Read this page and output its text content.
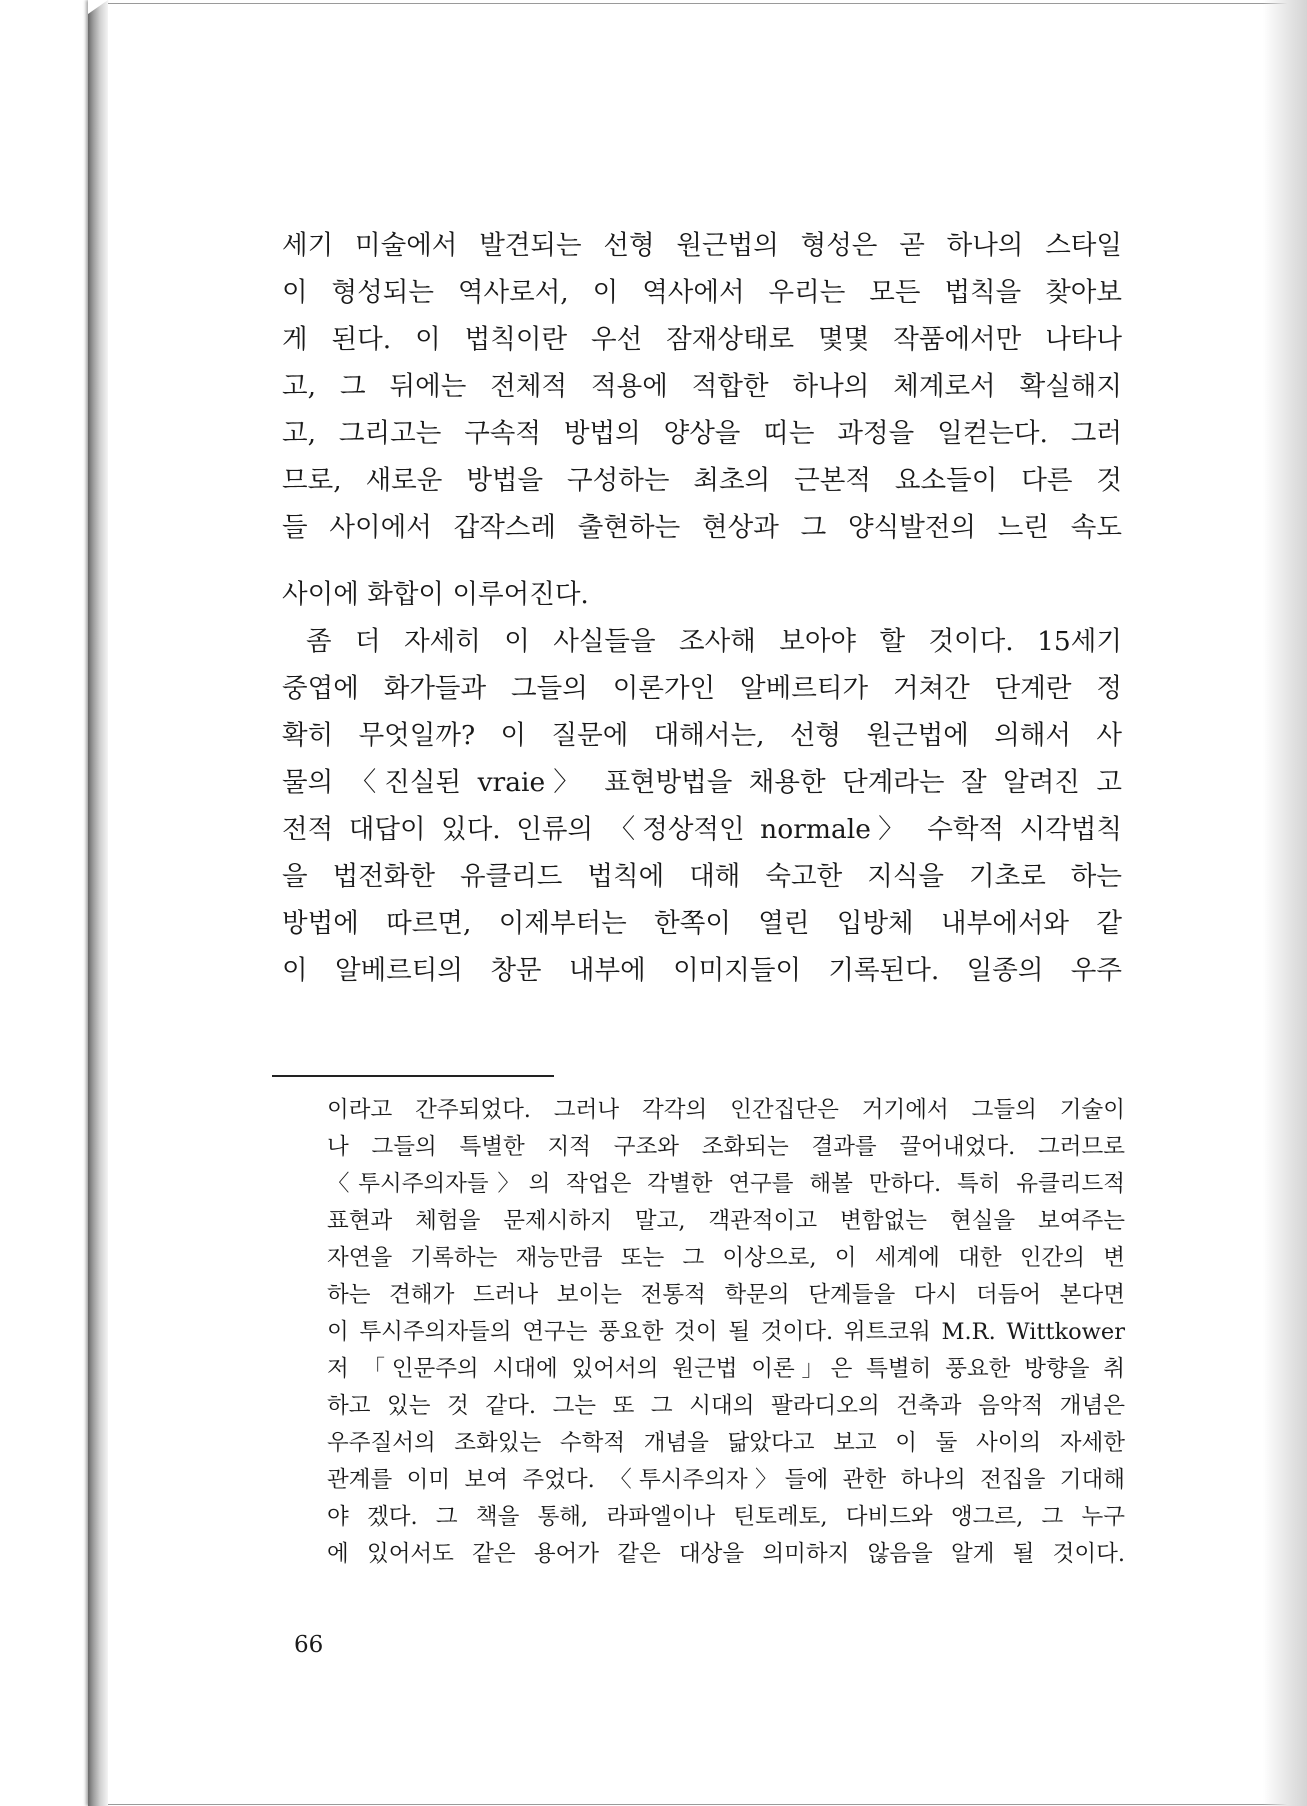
세기 미술에서 발견되는 선형 원근법의 형성은 곧 하나의 스타일

이 형성되는 역사로서, 이 역사에서 우리는 모든 법칙을 찾아보

게 된다. 이 법칙이란 우선 잠재상태로 몇몇 작품에서만 나타나

고, 그 뒤에는 전체적 적용에 적합한 하나의 체계로서 확실해지

고, 그리고는 구속적 방법의 양상을 띠는 과정을 일컫는다. 그러

므로, 새로운 방법을 구성하는 최초의 근본적 요소들이 다른 것

들 사이에서 갑작스레 출현하는 현상과 그 양식발전의 느린 속도

사이에 화합이 이루어진다.

좀 더 자세히 이 사실들을 조사해 보아야 할 것이다. 15세기

중엽에 화가들과 그들의 이론가인 알베르티가 거쳐간 단계란 정

확히 무엇일까? 이 질문에 대해서는, 선형 원근법에 의해서 사

물의 〈진실된 vraie〉 표현방법을 채용한 단계라는 잘 알려진 고

전적 대답이 있다. 인류의 〈정상적인 normale〉 수학적 시각법칙

을 법전화한 유클리드 법칙에 대해 숙고한 지식을 기초로 하는

방법에 따르면, 이제부터는 한쪽이 열린 입방체 내부에서와 같

이 알베르티의 창문 내부에 이미지들이 기록된다. 일종의 우주

이라고 간주되었다. 그러나 각각의 인간집단은 거기에서 그들의 기술이

나 그들의 특별한 지적 구조와 조화되는 결과를 끌어내었다. 그러므로

〈투시주의자들〉의 작업은 각별한 연구를 해볼 만하다. 특히 유클리드적

표현과 체험을 문제시하지 말고, 객관적이고 변함없는 현실을 보여주는

자연을 기록하는 재능만큼 또는 그 이상으로, 이 세계에 대한 인간의 변

하는 견해가 드러나 보이는 전통적 학문의 단계들을 다시 더듬어 본다면

이 투시주의자들의 연구는 풍요한 것이 될 것이다. 위트코워 M.R. Wittkower

저 「인문주의 시대에 있어서의 원근법 이론」은 특별히 풍요한 방향을 취

하고 있는 것 같다. 그는 또 그 시대의 팔라디오의 건축과 음악적 개념은

우주질서의 조화있는 수학적 개념을 닮았다고 보고 이 둘 사이의 자세한

관계를 이미 보여 주었다. 〈투시주의자〉들에 관한 하나의 전집을 기대해

야 겠다. 그 책을 통해, 라파엘이나 틴토레토, 다비드와 앵그르, 그 누구

에 있어서도 같은 용어가 같은 대상을 의미하지 않음을 알게 될 것이다.

66
